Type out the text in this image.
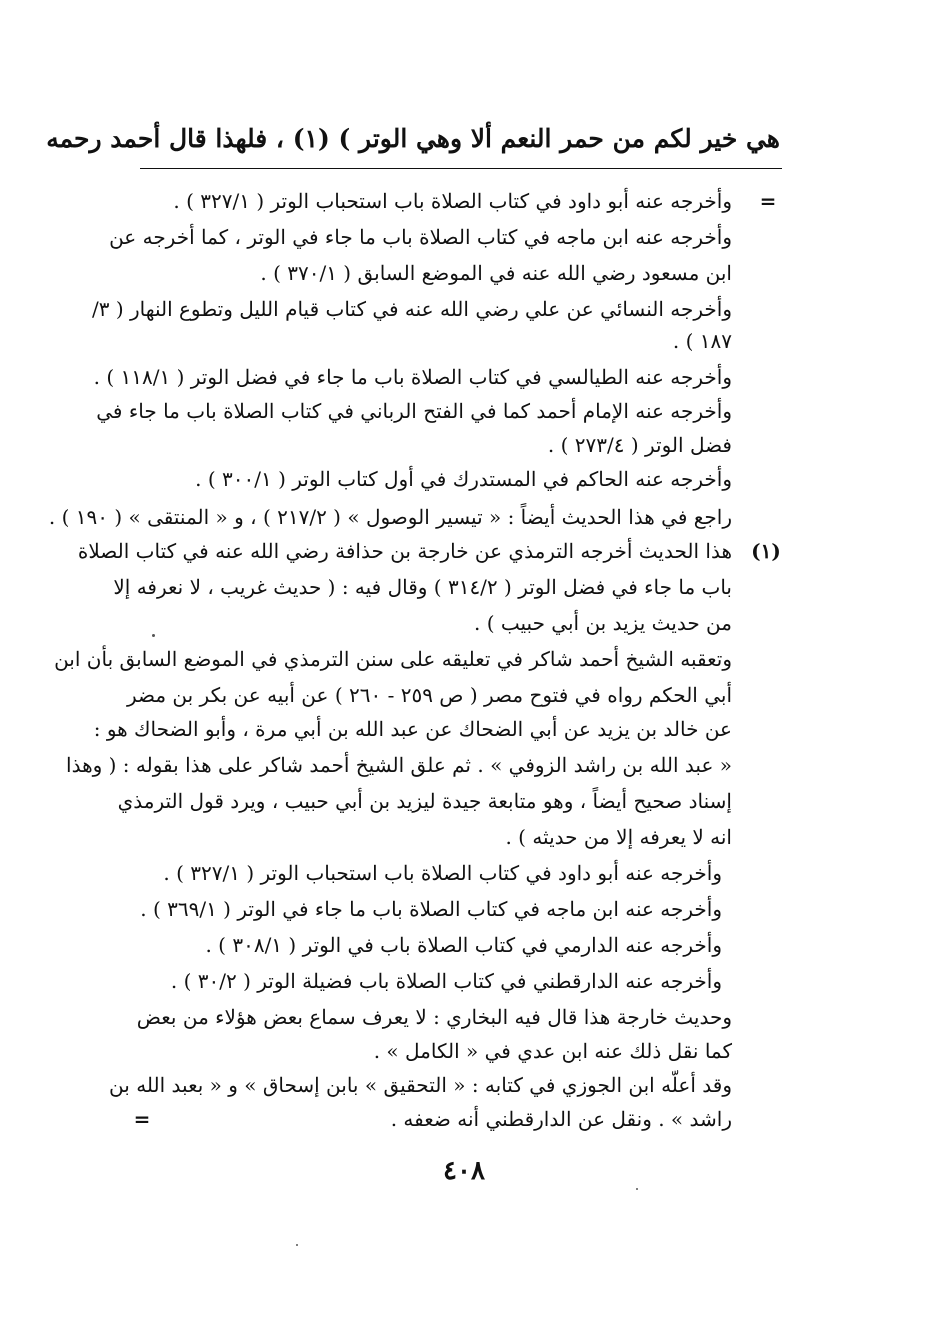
هي خير لكم من حمر النعم ألا وهي الوتر ) (١) ، فلهذا قال أحمد رحمه
=
وأخرجه عنه أبو داود في كتاب الصلاة باب استحباب الوتر ( ٣٢٧/١ ) .
وأخرجه عنه ابن ماجه في كتاب الصلاة باب ما جاء في الوتر ، كما أخرجه عن
ابن مسعود رضي الله عنه في الموضع السابق ( ٣٧٠/١ ) .
وأخرجه النسائي عن علي رضي الله عنه في كتاب قيام الليل وتطوع النهار ( ٣/
١٨٧ ) .
وأخرجه عنه الطيالسي في كتاب الصلاة باب ما جاء في فضل الوتر ( ١١٨/١ ) .
وأخرجه عنه الإمام أحمد كما في الفتح الرباني في كتاب الصلاة باب ما جاء في
فضل الوتر ( ٢٧٣/٤ ) .
وأخرجه عنه الحاكم في المستدرك في أول كتاب الوتر ( ٣٠٠/١ ) .
راجع في هذا الحديث أيضاً : « تيسير الوصول » ( ٢١٧/٢ ) ، و « المنتقى » ( ١٩٠ ) .
(١)
هذا الحديث أخرجه الترمذي عن خارجة بن حذافة رضي الله عنه في كتاب الصلاة
باب ما جاء في فضل الوتر ( ٣١٤/٢ ) وقال فيه : ( حديث غريب ، لا نعرفه إلا
من حديث يزيد بن أبي حبيب ) .
وتعقبه الشيخ أحمد شاكر في تعليقه على سنن الترمذي في الموضع السابق بأن ابن
أبي الحكم رواه في فتوح مصر ( ص ٢٥٩ - ٢٦٠ ) عن أبيه عن بكر بن مضر
عن خالد بن يزيد عن أبي الضحاك عن عبد الله بن أبي مرة ، وأبو الضحاك هو :
« عبد الله بن راشد الزوفي » . ثم علق الشيخ أحمد شاكر على هذا بقوله : ( وهذا
إسناد صحيح أيضاً ، وهو متابعة جيدة ليزيد بن أبي حبيب ، ويرد قول الترمذي
انه لا يعرفه إلا من حديثه ) .
وأخرجه عنه أبو داود في كتاب الصلاة باب استحباب الوتر ( ٣٢٧/١ ) .
وأخرجه عنه ابن ماجه في كتاب الصلاة باب ما جاء في الوتر ( ٣٦٩/١ ) .
وأخرجه عنه الدارمي في كتاب الصلاة باب في الوتر ( ٣٠٨/١ ) .
وأخرجه عنه الدارقطني في كتاب الصلاة باب فضيلة الوتر ( ٣٠/٢ ) .
وحديث خارجة هذا قال فيه البخاري : لا يعرف سماع بعض هؤلاء من بعض
كما نقل ذلك عنه ابن عدي في « الكامل » .
وقد أعلّه ابن الجوزي في كتابه : « التحقيق » بابن إسحاق » و « بعبد الله بن
=	راشد » . ونقل عن الدارقطني أنه ضعفه .
٤٠٨
